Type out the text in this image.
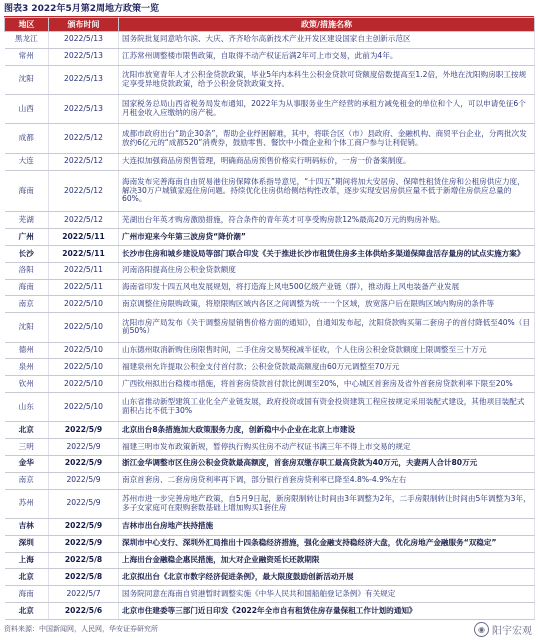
图表3 2022年5月第2周地方政策一览
地区	颁布时间	政策/措施名称
黑龙江	2022/5/13	国务院批复同意哈尔滨、大庆、齐齐哈尔高新技术产业开发区建设国家自主创新示范区
常州	2022/5/13	江苏常州调整楼市限售政策，自取得不动产权证后满2年可上市交易，此前为4年。
沈阳	2022/5/13	沈阳市放宽青年人才公积金贷款政策，毕业5年内本科生公积金贷款可贷额度倍数提高至1.2倍，外地在沈阳购房职工按规定享受异地贷款政策，给予公积金贷款政策支持。
山西	2022/5/13	国家税务总局山西省税务局发布通知，2022年为从事服务业生产经营的承租方减免租金的单位和个人，可以申请免征6个月租金收入应缴纳的房产税。
成都	2022/5/12	成都市政府出台“助企30条”，帮助企业纾困解难，其中，将联合区（市）县政府、金融机构、商贸平台企业，分两批次发放约6亿元的“成都520”消费券，鼓励零售、餐饮中小微企业和个体工商户参与让利促销。
大连	2022/5/12	大连拟加强商品房预售管理，明确商品房预售价格实行明码标价，一房一价备案制度。
海南	2022/5/12	海南发布完善海南自由贸易港住房保障体系指导意见，“十四五”期间将加大安居房、保障性租赁住房和公租房供应力度，解决30万户城镇家庭住房问题。持续优化住房供给侧结构性改革，逐步实现安居房供应量不低于新增住房供应总量的60%。
芜湖	2022/5/12	芜湖出台年英才购房激励措施，符合条件的青年英才可享受购房款12%最高20万元的购房补贴。
广州	2022/5/11	广州市迎来今年第三波房贷“降价潮”
长沙	2022/5/11	长沙市住房和城乡建设局等部门联合印发《关于推进长沙市租赁住房多主体供给多渠道保障盘活存量房的试点实施方案》
洛阳	2022/5/11	河南洛阳提高住房公积金贷款额度
海南	2022/5/11	海南省印发十四五风电发展规划，将打造海上风电500亿级产业链（群），推动海上风电装备产业发展
南京	2022/5/10	南京调整住房限购政策，将原限购区域内各区之间调整为统一一个区域，放宽落户后在限购区域内购房的条件等
沈阳	2022/5/10	沈阳市房产局发布《关于调整房屋销售价格方面的通知》，自通知发布起，沈阳贷款购买第二套房子的首付降低至40%（目前50%）
德州	2022/5/10	山东德州取消新购住房限售时间，二手住房交易契税减半征收，个人住房公积金贷款额度上限调整至三十万元
泉州	2022/5/10	福建泉州允许提取公积金支付首付款；公积金贷款最高额度由60万元调整至70万元
钦州	2022/5/10	广西钦州拟出台稳楼市措施，将首套房贷款首付款比例调至20%，中心城区首套房及省外首套房贷款利率下限至20%
山东	2022/5/10	山东省推动新型建筑工业化全产业链发展，政府投资或国有资金投资建筑工程应按规定采用装配式建设，其他项目装配式面积占比不低于30%
北京	2022/5/9	北京出台8条措施加大政策服务力度，创新稳中小企业在北京上市建设
三明	2022/5/9	福建三明市发布政策新规，暂停执行购买住房不动产权证书满三年不得上市交易的规定
金华	2022/5/9	浙江金华调整市区住房公积金贷款最高额度，首套房双缴存职工最高贷款为40万元，夫妻两人合计80万元
南京	2022/5/9	南京首套房、二套房房贷利率再下调，部分银行首套房贷利率已降至4.8%-4.9%左右
苏州	2022/5/9	苏州市进一步完善房地产政策，自5月9日起，新房限制转让时间由3年调整为2年，二手房限制转让时间由5年调整为3年，多子女家庭可在限购套数基础上增加购买1套住房
吉林	2022/5/9	吉林市出台房地产扶持措施
深圳	2022/5/9	深圳市中心支行、深圳外汇局推出十四条稳经济措施，强化金融支持稳经济大盘，优化房地产金融服务“双稳定”
上海	2022/5/8	上海出台金融稳企惠民措施，加大对企业融资延长还款期限
北京	2022/5/8	北京拟出台《北京市数字经济促进条例》，最大限度鼓励创新活动开展
海南	2022/5/7	国务院同意在海南自贸港暂时调整实施《中华人民共和国船舶登记条例》有关规定
北京	2022/5/6	北京市住建委等三部门近日印发《2022年全市自有租赁住房存量保租工作计划的通知》
资料来源：中国新闻网，人民网，华安证券研究所	◉ 阳宇宏观
